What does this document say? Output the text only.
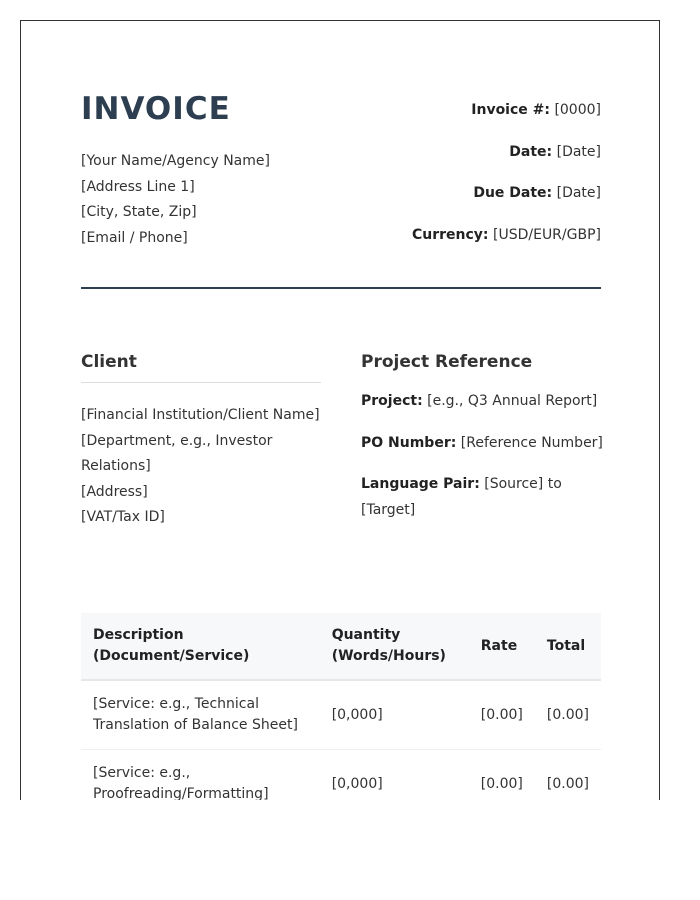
INVOICE
[Your Name/Agency Name]
[Address Line 1]
[City, State, Zip]
[Email / Phone]
Invoice #: [0000]
Date: [Date]
Due Date: [Date]
Currency: [USD/EUR/GBP]
Client
[Financial Institution/Client Name]
[Department, e.g., Investor Relations]
[Address]
[VAT/Tax ID]
Project Reference
Project: [e.g., Q3 Annual Report]
PO Number: [Reference Number]
Language Pair: [Source] to [Target]
Description (Document/Service)	Quantity (Words/Hours)	Rate	Total
[Service: e.g., Technical Translation of Balance Sheet]	[0,000]	[0.00]	[0.00]
[Service: e.g., Proofreading/Formatting]	[0,000]	[0.00]	[0.00]
